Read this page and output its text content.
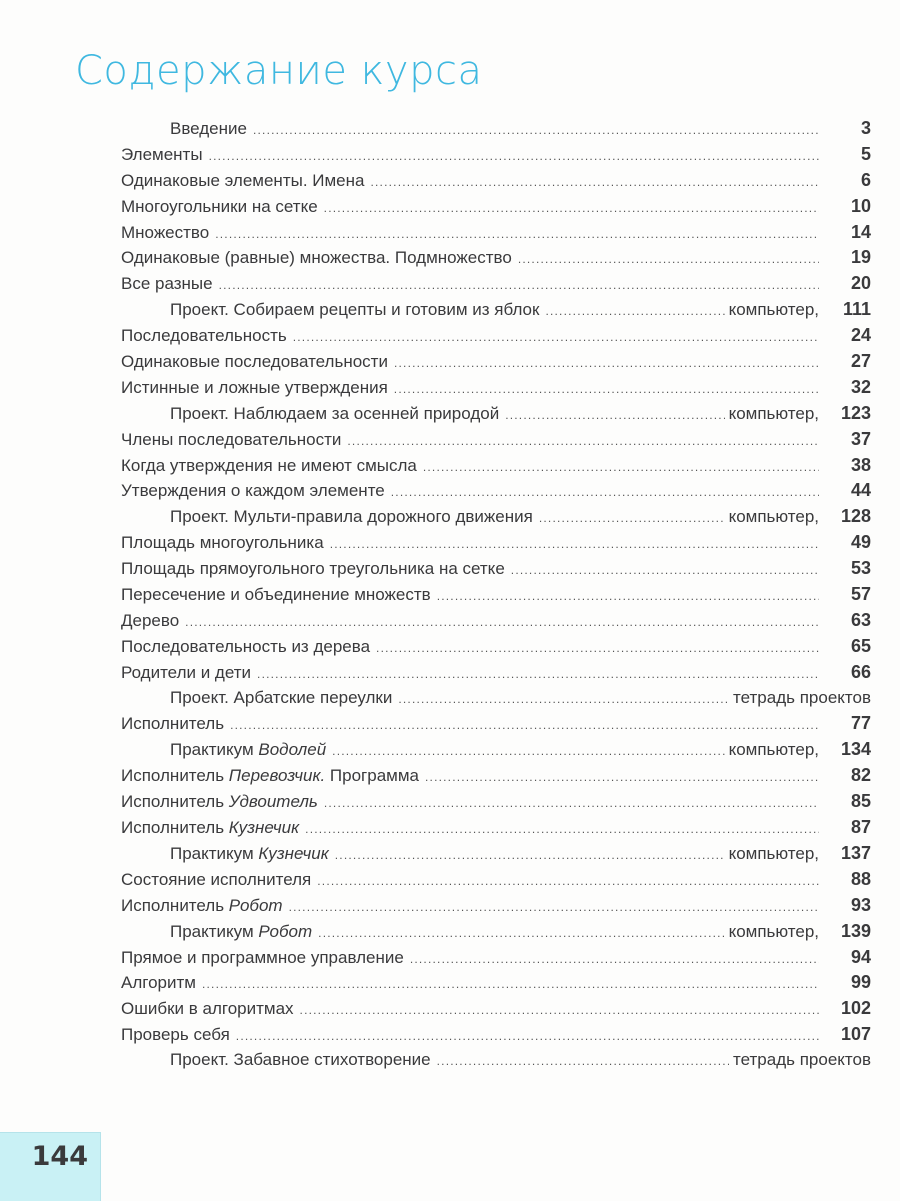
Содержание курса
Введение .....	3
Элементы .....	5
Одинаковые элементы. Имена .....	6
Многоугольники на сетке .....	10
Множество .....	14
Одинаковые (равные) множества. Подмножество .....	19
Все разные .....	20
Проект. Собираем рецепты и готовим из яблок .....	компьютер,	111
Последовательность .....	24
Одинаковые последовательности .....	27
Истинные и ложные утверждения .....	32
Проект. Наблюдаем за осенней природой .....	компьютер,	123
Члены последовательности .....	37
Когда утверждения не имеют смысла .....	38
Утверждения о каждом элементе .....	44
Проект. Мульти-правила дорожного движения .....	компьютер,	128
Площадь многоугольника .....	49
Площадь прямоугольного треугольника на сетке .....	53
Пересечение и объединение множеств .....	57
Дерево .....	63
Последовательность из дерева .....	65
Родители и дети .....	66
Проект. Арбатские переулки .....	тетрадь проектов
Исполнитель .....	77
Практикум Водолей .....	компьютер,	134
Исполнитель Перевозчик. Программа .....	82
Исполнитель Удвоитель .....	85
Исполнитель Кузнечик .....	87
Практикум Кузнечик .....	компьютер,	137
Состояние исполнителя .....	88
Исполнитель Робот .....	93
Практикум Робот .....	компьютер,	139
Прямое и программное управление .....	94
Алгоритм .....	99
Ошибки в алгоритмах .....	102
Проверь себя .....	107
Проект. Забавное стихотворение .....	тетрадь проектов
144
